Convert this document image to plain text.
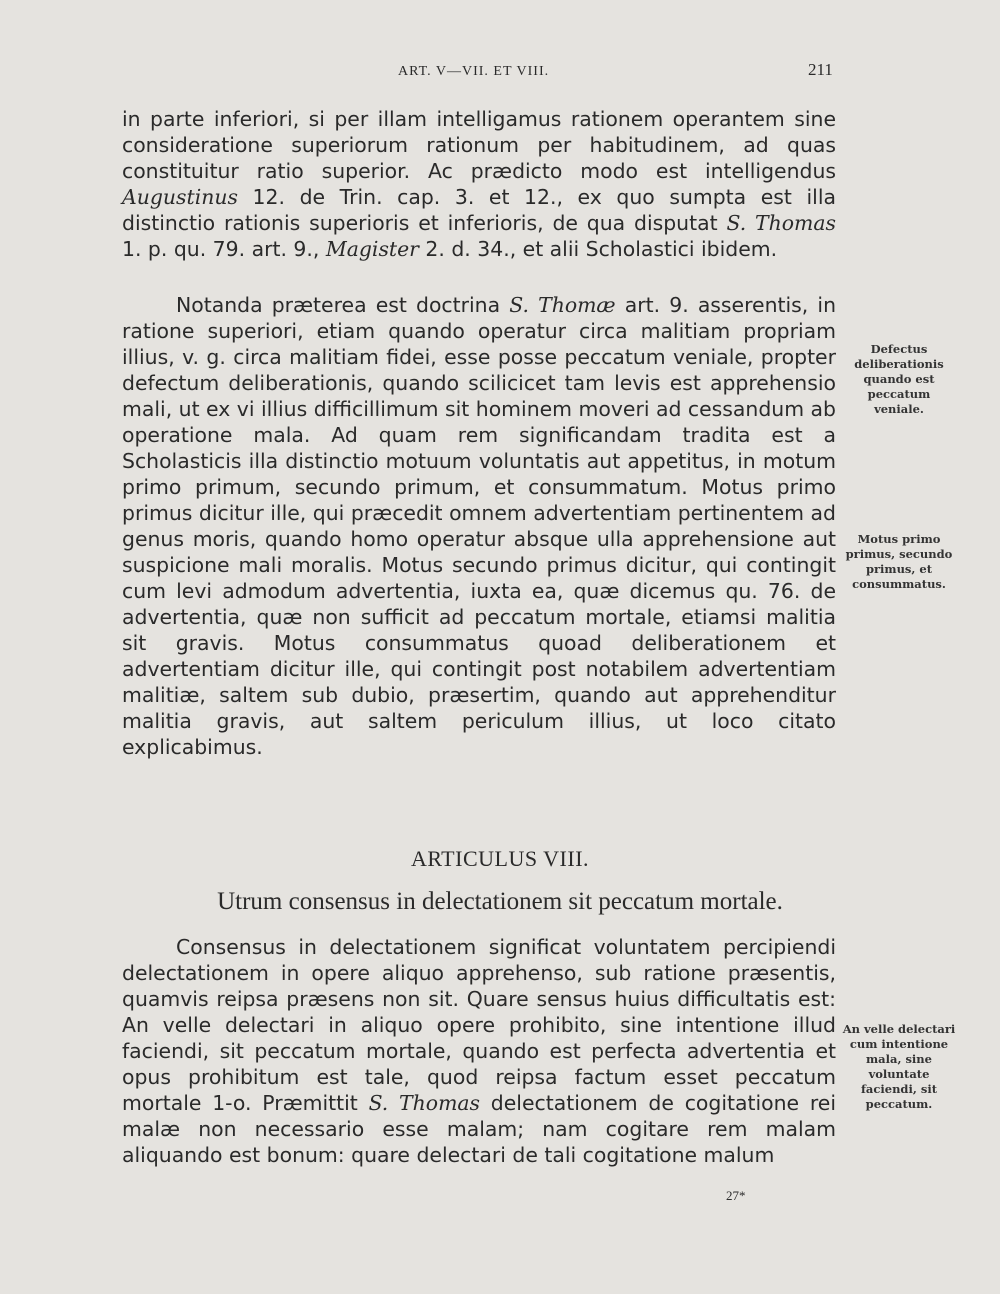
ART. V—VII. ET VIII.	211

in parte inferiori, si per illam intelligamus rationem operantem sine consideratione superiorum rationum per habitudinem, ad quas constituitur ratio superior. Ac prædicto modo est intelligendus Augustinus 12. de Trin. cap. 3. et 12., ex quo sumpta est illa distinctio rationis superioris et inferioris, de qua disputat S. Thomas 1. p. qu. 79. art. 9., Magister 2. d. 34., et alii Scholastici ibidem.

Notanda præterea est doctrina S. Thomæ art. 9. asserentis, in ratione superiori, etiam quando operatur circa malitiam propriam illius, v. g. circa malitiam fidei, esse posse peccatum veniale, propter defectum deliberationis, quando scilicicet tam levis est apprehensio mali, ut ex vi illius difficillimum sit hominem moveri ad cessandum ab operatione mala. Ad quam rem significandam tradita est a Scholasticis illa distinctio motuum voluntatis aut appetitus, in motum primo primum, secundo primum, et consummatum. Motus primo primus dicitur ille, qui præcedit omnem advertentiam pertinentem ad genus moris, quando homo operatur absque ulla apprehensione aut suspicione mali moralis. Motus secundo primus dicitur, qui contingit cum levi admodum advertentia, iuxta ea, quæ dicemus qu. 76. de advertentia, quæ non sufficit ad peccatum mortale, etiamsi malitia sit gravis. Motus consummatus quoad deliberationem et advertentiam dicitur ille, qui contingit post notabilem advertentiam malitiæ, saltem sub dubio, præsertim, quando aut apprehenditur malitia gravis, aut saltem periculum illius, ut loco citato explicabimus.

Defectus deliberationis quando est peccatum veniale.
Motus primo primus, secundo primus, et consummatus.
ARTICULUS VIII.
Utrum consensus in delectationem sit peccatum mortale.

Consensus in delectationem significat voluntatem percipiendi delectationem in opere aliquo apprehenso, sub ratione præsentis, quamvis reipsa præsens non sit. Quare sensus huius difficultatis est: An velle delectari in aliquo opere prohibito, sine intentione illud faciendi, sit peccatum mortale, quando est perfecta advertentia et opus prohibitum est tale, quod reipsa factum esset peccatum mortale 1-o. Præmittit S. Thomas delectationem de cogitatione rei malæ non necessario esse malam; nam cogitare rem malam aliquando est bonum: quare delectari de tali cogitatione malum

An velle delectari cum intentione mala, sine voluntate faciendi, sit peccatum.
27*
